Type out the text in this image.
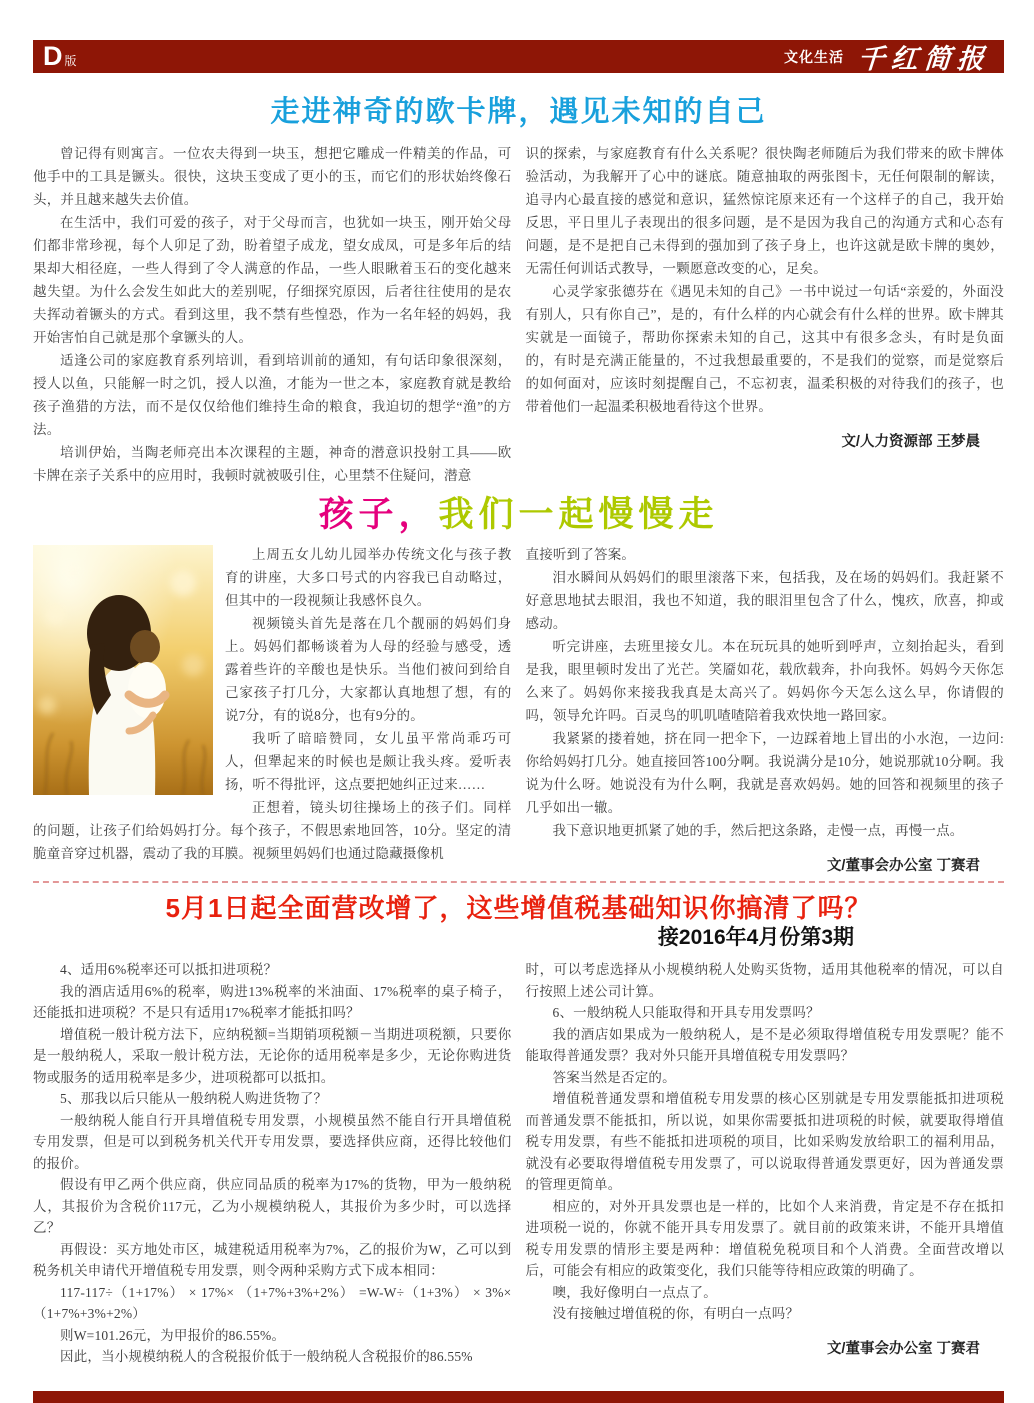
D 版	文化生活 千红简报
走进神奇的欧卡牌，遇见未知的自己

曾记得有则寓言。一位农夫得到一块玉，想把它雕成一件精美的作品，可他手中的工具是镢头。很快，这块玉变成了更小的玉，而它们的形状始终像石头，并且越来越失去价值。

在生活中，我们可爱的孩子，对于父母而言，也犹如一块玉，刚开始父母们都非常珍视，每个人卯足了劲，盼着望子成龙，望女成凤，可是多年后的结果却大相径庭，一些人得到了令人满意的作品，一些人眼瞅着玉石的变化越来越失望。为什么会发生如此大的差别呢，仔细探究原因，后者往往使用的是农夫挥动着镢头的方式。看到这里，我不禁有些惶恐，作为一名年轻的妈妈，我开始害怕自己就是那个拿镢头的人。

适逢公司的家庭教育系列培训，看到培训前的通知，有句话印象很深刻，授人以鱼，只能解一时之饥，授人以渔，才能为一世之本，家庭教育就是教给孩子渔猎的方法，而不是仅仅给他们维持生命的粮食，我迫切的想学“渔”的方法。

培训伊始，当陶老师亮出本次课程的主题，神奇的潜意识投射工具——欧卡牌在亲子关系中的应用时，我顿时就被吸引住，心里禁不住疑问，潜意

识的探索，与家庭教育有什么关系呢？很快陶老师随后为我们带来的欧卡牌体验活动，为我解开了心中的谜底。随意抽取的两张图卡，无任何限制的解读，追寻内心最直接的感觉和意识，猛然惊诧原来还有一个这样子的自己，我开始反思，平日里儿子表现出的很多问题，是不是因为我自己的沟通方式和心态有问题，是不是把自己未得到的强加到了孩子身上，也许这就是欧卡牌的奥妙，无需任何训话式教导，一颗愿意改变的心，足矣。

心灵学家张德芬在《遇见未知的自己》一书中说过一句话“亲爱的，外面没有别人，只有你自己”，是的，有什么样的内心就会有什么样的世界。欧卡牌其实就是一面镜子，帮助你探索未知的自己，这其中有很多念头，有时是负面的，有时是充满正能量的，不过我想最重要的，不是我们的觉察，而是觉察后的如何面对，应该时刻提醒自己，不忘初衷，温柔积极的对待我们的孩子，也带着他们一起温柔积极地看待这个世界。

文/人力资源部 王梦晨
孩子，我们一起慢慢走

上周五女儿幼儿园举办传统文化与孩子教育的讲座，大多口号式的内容我已自动略过，但其中的一段视频让我感怀良久。

视频镜头首先是落在几个靓丽的妈妈们身上。妈妈们都畅谈着为人母的经验与感受，透露着些许的辛酸也是快乐。当他们被问到给自己家孩子打几分，大家都认真地想了想，有的说7分，有的说8分，也有9分的。

我听了暗暗赞同，女儿虽平常尚乖巧可人，但犟起来的时候也是颇让我头疼。爱听表扬，听不得批评，这点要把她纠正过来……

正想着，镜头切往操场上的孩子们。同样的问题，让孩子们给妈妈打分。每个孩子，不假思索地回答，10分。坚定的清脆童音穿过机器，震动了我的耳膜。视频里妈妈们也通过隐藏摄像机

直接听到了答案。

泪水瞬间从妈妈们的眼里滚落下来，包括我，及在场的妈妈们。我赶紧不好意思地拭去眼泪，我也不知道，我的眼泪里包含了什么，愧疚，欣喜，抑或感动。

听完讲座，去班里接女儿。本在玩玩具的她听到呼声，立刻抬起头，看到是我，眼里顿时发出了光芒。笑靥如花，载欣载奔，扑向我怀。妈妈今天你怎么来了。妈妈你来接我我真是太高兴了。妈妈你今天怎么这么早，你请假的吗，领导允许吗。百灵鸟的叽叽喳喳陪着我欢快地一路回家。

我紧紧的搂着她，挤在同一把伞下，一边踩着地上冒出的小水泡，一边问:你给妈妈打几分。她直接回答100分啊。我说满分是10分，她说那就10分啊。我说为什么呀。她说没有为什么啊，我就是喜欢妈妈。她的回答和视频里的孩子几乎如出一辙。

我下意识地更抓紧了她的手，然后把这条路，走慢一点，再慢一点。

文/董事会办公室 丁赛君
5月1日起全面营改增了，这些增值税基础知识你搞清了吗？
接2016年4月份第3期

4、适用6%税率还可以抵扣进项税？

我的酒店适用6%的税率，购进13%税率的米油面、17%税率的桌子椅子，还能抵扣进项税？不是只有适用17%税率才能抵扣吗？

增值税一般计税方法下，应纳税额=当期销项税额－当期进项税额，只要你是一般纳税人，采取一般计税方法，无论你的适用税率是多少，无论你购进货物或服务的适用税率是多少，进项税都可以抵扣。

5、那我以后只能从一般纳税人购进货物了？

一般纳税人能自行开具增值税专用发票，小规模虽然不能自行开具增值税专用发票，但是可以到税务机关代开专用发票，要选择供应商，还得比较他们的报价。

假设有甲乙两个供应商，供应同品质的税率为17%的货物，甲为一般纳税人，其报价为含税价117元，乙为小规模纳税人，其报价为多少时，可以选择乙？

再假设：买方地处市区，城建税适用税率为7%，乙的报价为W，乙可以到税务机关申请代开增值税专用发票，则令两种采购方式下成本相同：

117-117÷（1+17%） × 17%× （1+7%+3%+2%） =W-W÷（1+3%） × 3%×（1+7%+3%+2%）

则W=101.26元，为甲报价的86.55%。

因此，当小规模纳税人的含税报价低于一般纳税人含税报价的86.55%

时，可以考虑选择从小规模纳税人处购买货物，适用其他税率的情况，可以自行按照上述公司计算。

6、一般纳税人只能取得和开具专用发票吗？

我的酒店如果成为一般纳税人，是不是必须取得增值税专用发票呢？能不能取得普通发票？我对外只能开具增值税专用发票吗？

答案当然是否定的。

增值税普通发票和增值税专用发票的核心区别就是专用发票能抵扣进项税而普通发票不能抵扣，所以说，如果你需要抵扣进项税的时候，就要取得增值税专用发票，有些不能抵扣进项税的项目，比如采购发放给职工的福利用品，就没有必要取得增值税专用发票了，可以说取得普通发票更好，因为普通发票的管理更简单。

相应的，对外开具发票也是一样的，比如个人来消费，肯定是不存在抵扣进项税一说的，你就不能开具专用发票了。就目前的政策来讲，不能开具增值税专用发票的情形主要是两种：增值税免税项目和个人消费。全面营改增以后，可能会有相应的政策变化，我们只能等待相应政策的明确了。

噢，我好像明白一点点了。

没有接触过增值税的你，有明白一点吗？

文/董事会办公室 丁赛君
